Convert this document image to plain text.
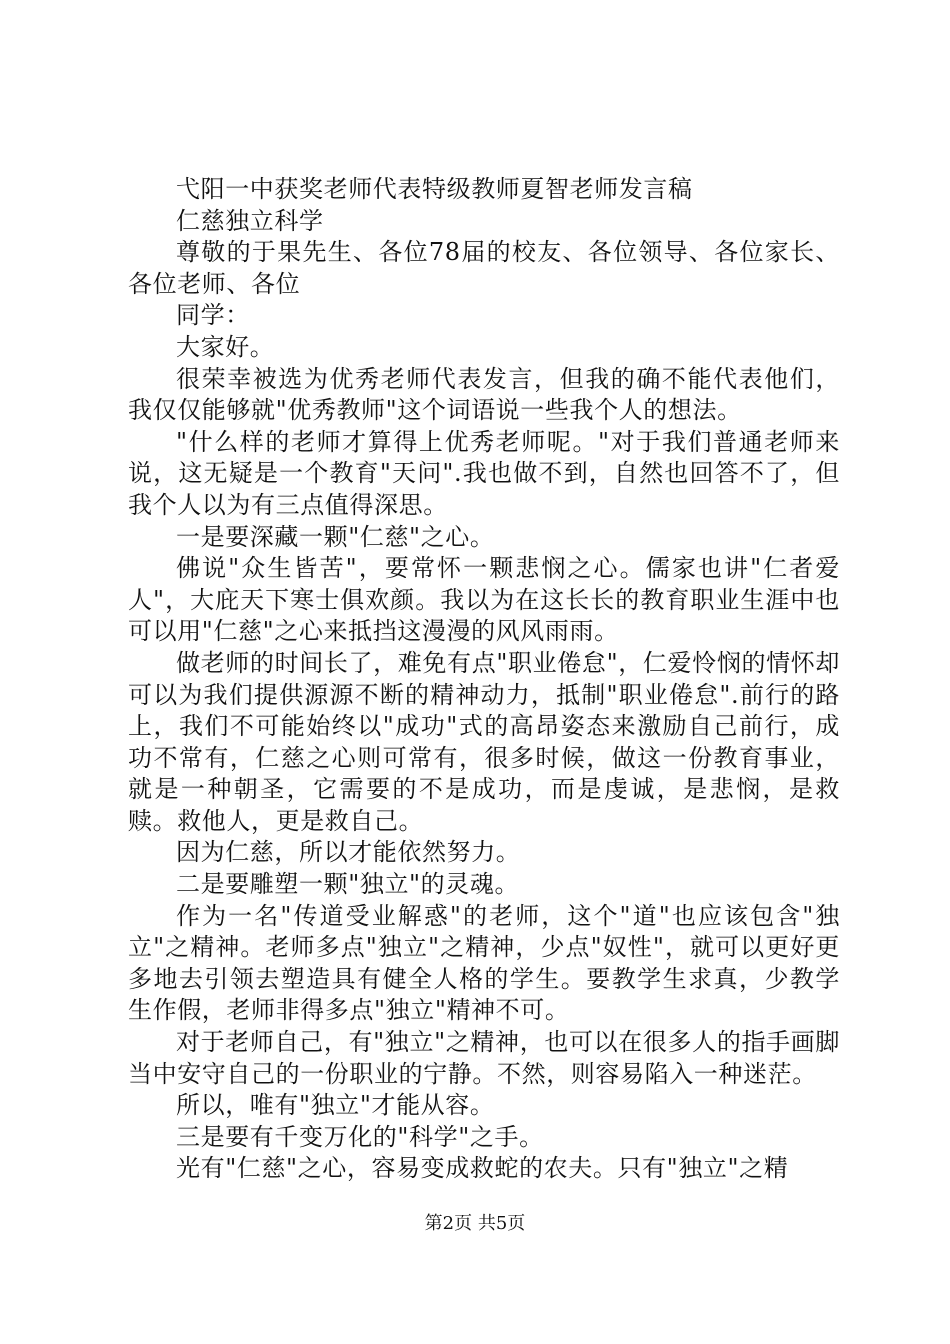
弋阳一中获奖老师代表特级教师夏智老师发言稿

仁慈独立科学

尊敬的于果先生、各位78届的校友、各位领导、各位家长、各位老师、各位

同学：

大家好。

很荣幸被选为优秀老师代表发言，但我的确不能代表他们，我仅仅能够就"优秀教师"这个词语说一些我个人的想法。

"什么样的老师才算得上优秀老师呢。"对于我们普通老师来说，这无疑是一个教育"天问".我也做不到，自然也回答不了，但我个人以为有三点值得深思。

一是要深藏一颗"仁慈"之心。

佛说"众生皆苦"，要常怀一颗悲悯之心。儒家也讲"仁者爱人"，大庇天下寒士俱欢颜。我以为在这长长的教育职业生涯中也可以用"仁慈"之心来抵挡这漫漫的风风雨雨。

做老师的时间长了，难免有点"职业倦怠"，仁爱怜悯的情怀却可以为我们提供源源不断的精神动力，抵制"职业倦怠".前行的路上，我们不可能始终以"成功"式的高昂姿态来激励自己前行，成功不常有，仁慈之心则可常有，很多时候，做这一份教育事业，就是一种朝圣，它需要的不是成功，而是虔诚，是悲悯，是救赎。救他人，更是救自己。

因为仁慈，所以才能依然努力。

二是要雕塑一颗"独立"的灵魂。

作为一名"传道受业解惑"的老师，这个"道"也应该包含"独立"之精神。老师多点"独立"之精神，少点"奴性"，就可以更好更多地去引领去塑造具有健全人格的学生。要教学生求真，少教学生作假，老师非得多点"独立"精神不可。

对于老师自己，有"独立"之精神，也可以在很多人的指手画脚当中安守自己的一份职业的宁静。不然，则容易陷入一种迷茫。

所以，唯有"独立"才能从容。

三是要有千变万化的"科学"之手。

光有"仁慈"之心，容易变成救蛇的农夫。只有"独立"之精

第2页 共5页
